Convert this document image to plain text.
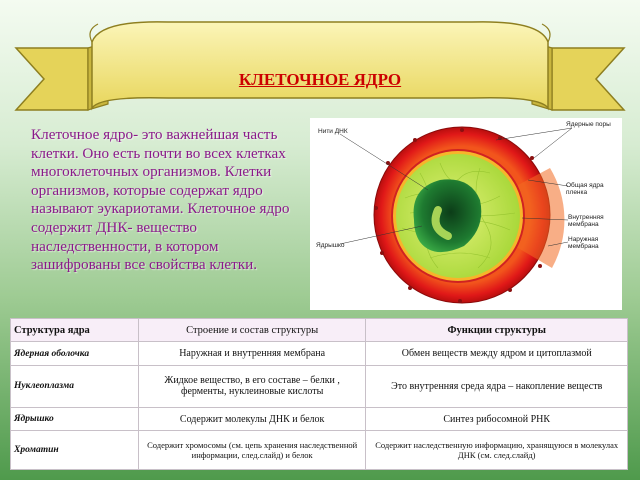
КЛЕТОЧНОЕ ЯДРО
Клеточное ядро- это важнейшая часть клетки. Оно есть почти во всех клетках многоклеточных организмов. Клетки организмов, которые содержат ядро называют эукариотами. Клеточное ядро содержит ДНК- вещество наследственности, в котором зашифрованы все свойства клетки.
Нити ДНК
Ядерные поры
Общая ядра пленка
Внутренняя мембрана
Наружная мембрана
Ядрышко
Структура ядра	Строение и состав структуры	Функции структуры
Ядерная оболочка	Наружная и внутренняя мембрана	Обмен веществ между ядром и цитоплазмой
Нуклеоплазма	Жидкое вещество, в его составе – белки , ферменты, нуклеиновые кислоты	Это внутренняя среда ядра – накопление веществ
Ядрышко	Содержит молекулы ДНК и белок	Синтез рибосомной РНК
Хроматин	Содержит хромосомы (см. цепь хранения наследственной информации, след.слайд) и белок	Содержит наследственную информацию, хранящуюся в молекулах ДНК (см. след.слайд)
